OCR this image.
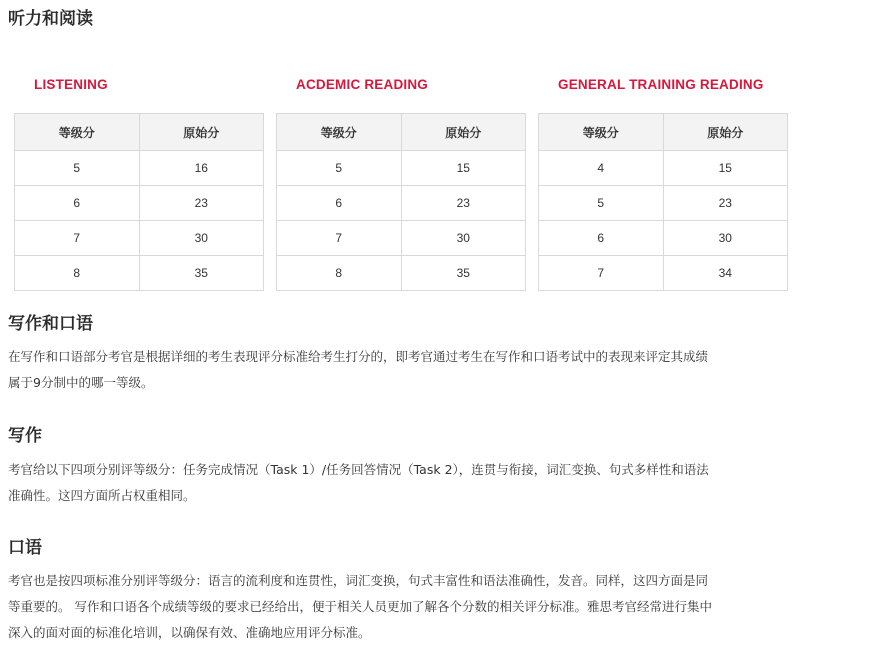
听力和阅读
LISTENING	ACDEMIC READING	GENERAL TRAINING READING
等级分	原始分
5	16
6	23
7	30
8	35
等级分	原始分
5	15
6	23
7	30
8	35
等级分	原始分
4	15
5	23
6	30
7	34
写作和口语
在写作和口语部分考官是根据详细的考生表现评分标准给考生打分的，即考官通过考生在写作和口语考试中的表现来评定其成绩
属于9分制中的哪一等级。
写作
考官给以下四项分别评等级分：任务完成情况（Task 1）/任务回答情况（Task 2），连贯与衔接，词汇变换、句式多样性和语法
准确性。这四方面所占权重相同。
口语
考官也是按四项标准分别评等级分：语言的流利度和连贯性，词汇变换，句式丰富性和语法准确性，发音。同样，这四方面是同
等重要的。 写作和口语各个成绩等级的要求已经给出，便于相关人员更加了解各个分数的相关评分标准。雅思考官经常进行集中
深入的面对面的标准化培训，以确保有效、准确地应用评分标准。
